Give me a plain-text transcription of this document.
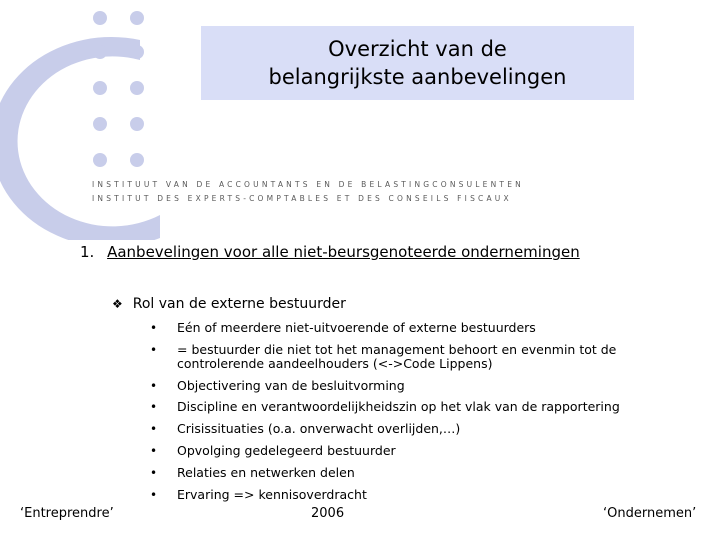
Overzicht van de
belangrijkste aanbevelingen
INSTITUUT VAN DE ACCOUNTANTS EN DE BELASTINGCONSULENTEN
INSTITUT DES EXPERTS-COMPTABLES ET DES CONSEILS FISCAUX
1. Aanbevelingen voor alle niet-beursgenoteerde ondernemingen
❖ Rol van de externe bestuurder
• Eén of meerdere niet-uitvoerende of externe bestuurders
• = bestuurder die niet tot het management behoort en evenmin tot de
controlerende aandeelhouders (<->Code Lippens)
• Objectivering van de besluitvorming
• Discipline en verantwoordelijkheidszin op het vlak van de rapportering
• Crisissituaties (o.a. onverwacht overlijden,…)
• Opvolging gedelegeerd bestuurder
• Relaties en netwerken delen
• Ervaring => kennisoverdracht
‘Entreprendre’	2006	‘Ondernemen’
